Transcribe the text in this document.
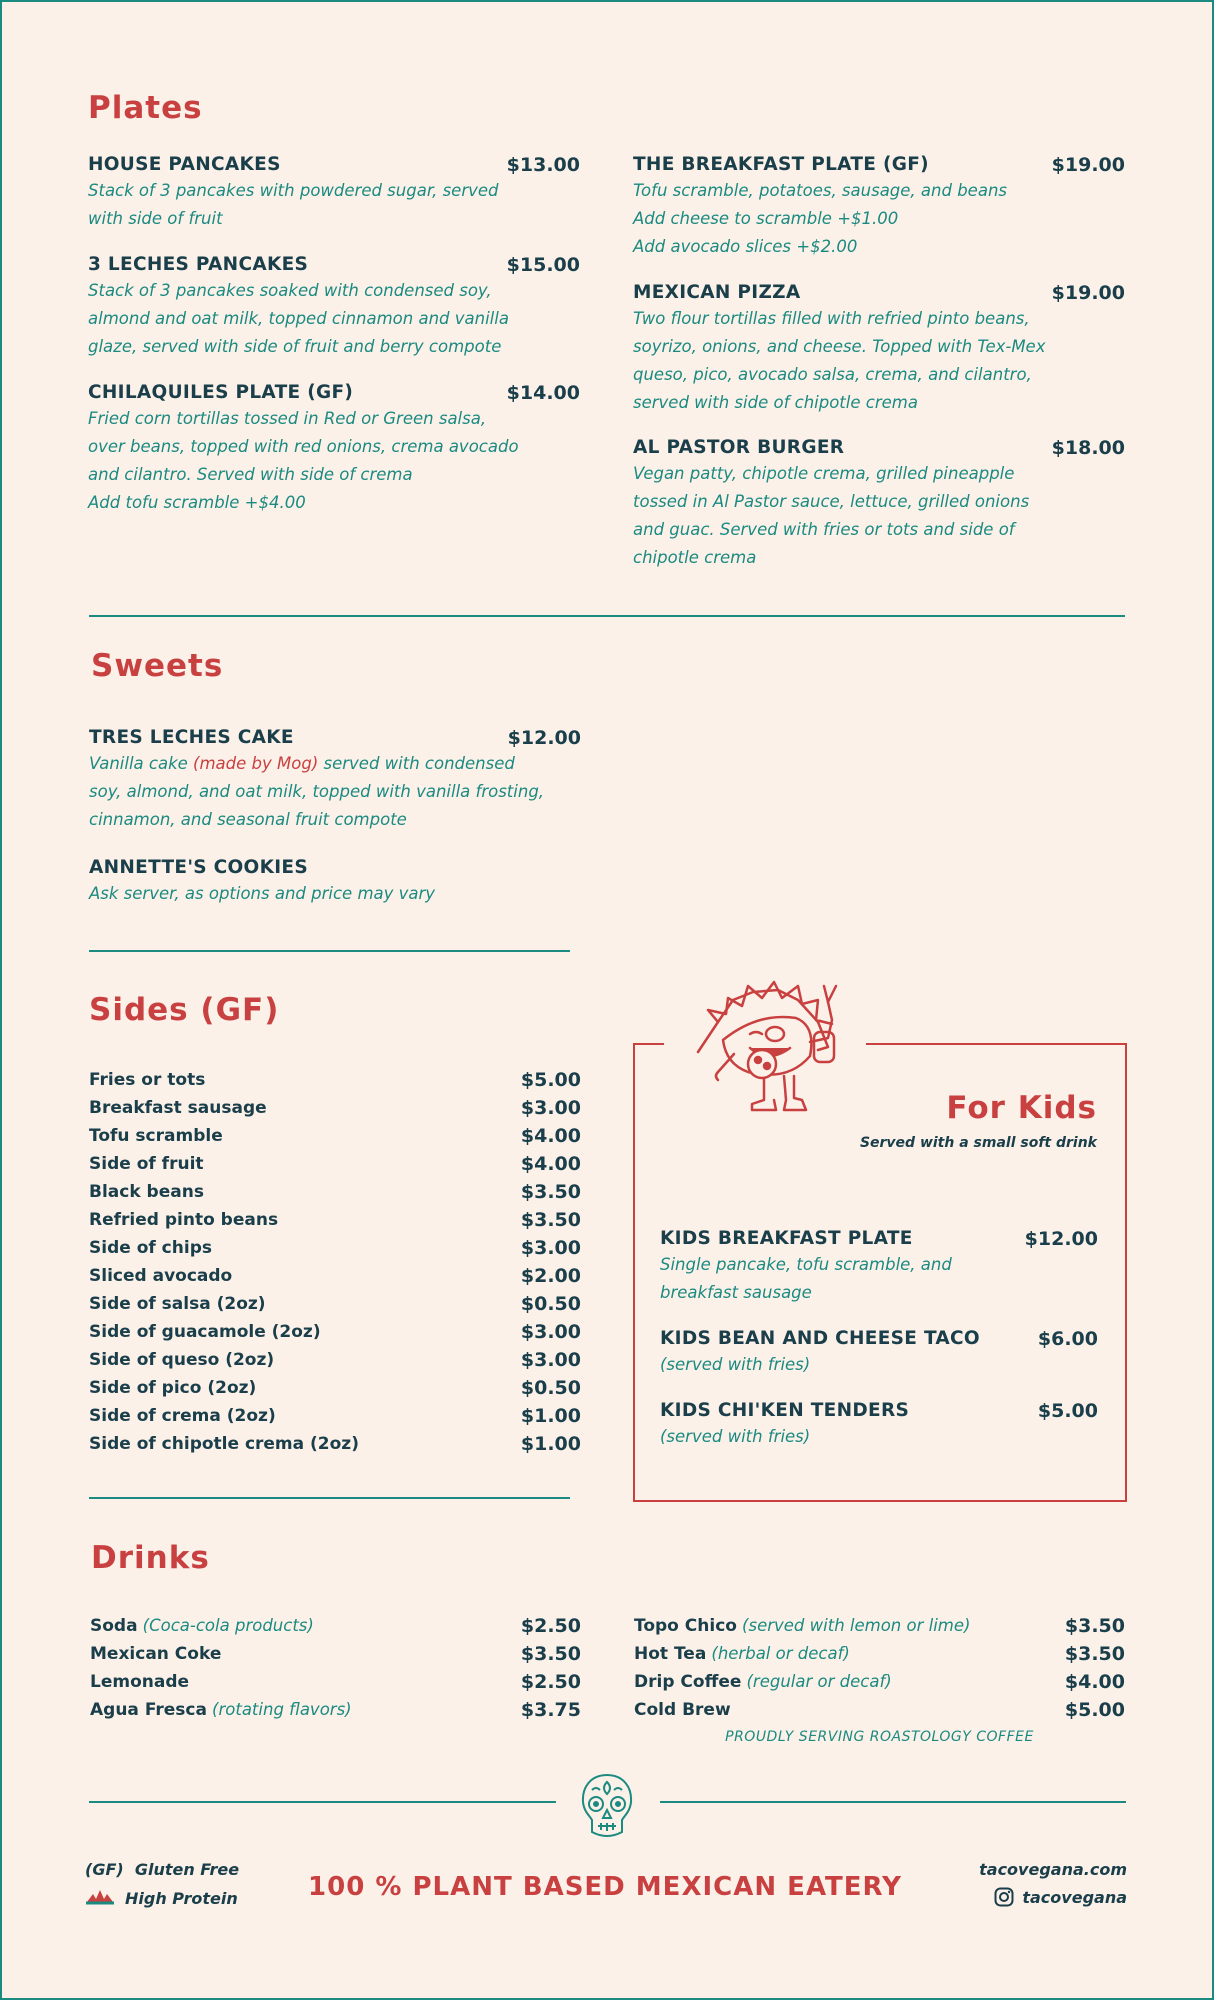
Plates
HOUSE PANCAKES	$13.00
Stack of 3 pancakes with powdered sugar, served
with side of fruit
3 LECHES PANCAKES	$15.00
Stack of 3 pancakes soaked with condensed soy,
almond and oat milk, topped cinnamon and vanilla
glaze, served with side of fruit and berry compote
CHILAQUILES PLATE (GF)	$14.00
Fried corn tortillas tossed in Red or Green salsa,
over beans, topped with red onions, crema avocado
and cilantro. Served with side of crema
Add tofu scramble +$4.00
THE BREAKFAST PLATE (GF)	$19.00
Tofu scramble, potatoes, sausage, and beans
Add cheese to scramble +$1.00
Add avocado slices +$2.00
MEXICAN PIZZA	$19.00
Two flour tortillas filled with refried pinto beans,
soyrizo, onions, and cheese. Topped with Tex-Mex
queso, pico, avocado salsa, crema, and cilantro,
served with side of chipotle crema
AL PASTOR BURGER	$18.00
Vegan patty, chipotle crema, grilled pineapple
tossed in Al Pastor sauce, lettuce, grilled onions
and guac. Served with fries or tots and side of
chipotle crema
Sweets
TRES LECHES CAKE	$12.00
Vanilla cake (made by Mog) served with condensed
soy, almond, and oat milk, topped with vanilla frosting,
cinnamon, and seasonal fruit compote
ANNETTE'S COOKIES
Ask server, as options and price may vary
Sides (GF)
Fries or tots	$5.00
Breakfast sausage	$3.00
Tofu scramble	$4.00
Side of fruit	$4.00
Black beans	$3.50
Refried pinto beans	$3.50
Side of chips	$3.00
Sliced avocado	$2.00
Side of salsa (2oz)	$0.50
Side of guacamole (2oz)	$3.00
Side of queso (2oz)	$3.00
Side of pico (2oz)	$0.50
Side of crema (2oz)	$1.00
Side of chipotle crema (2oz)	$1.00
For Kids
Served with a small soft drink
KIDS BREAKFAST PLATE	$12.00
Single pancake, tofu scramble, and
breakfast sausage
KIDS BEAN AND CHEESE TACO	$6.00
(served with fries)
KIDS CHI'KEN TENDERS	$5.00
(served with fries)
Drinks
Soda (Coca-cola products)	$2.50
Mexican Coke	$3.50
Lemonade	$2.50
Agua Fresca (rotating flavors)	$3.75
Topo Chico (served with lemon or lime)	$3.50
Hot Tea (herbal or decaf)	$3.50
Drip Coffee (regular or decaf)	$4.00
Cold Brew	$5.00
PROUDLY SERVING ROASTOLOGY COFFEE
(GF) Gluten Free
High Protein	100 % PLANT BASED MEXICAN EATERY
tacovegana.com
tacovegana
